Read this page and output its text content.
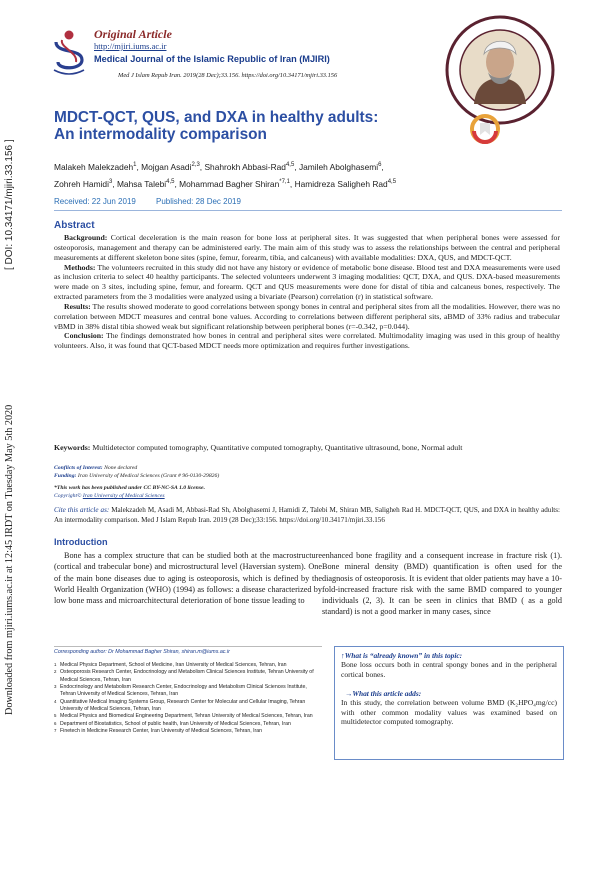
[ DOI: 10.34171/mjiri.33.156 ]
Downloaded from mjiri.iums.ac.ir at 12:45 IRDT on Tuesday May 5th 2020
Original Article
http://mjiri.iums.ac.ir
Medical Journal of the Islamic Republic of Iran (MJIRI)
Med J Islam Repub Iran. 2019(28 Dec);33.156. https://doi.org/10.34171/mjiri.33.156
MDCT-QCT, QUS, and DXA in healthy adults:
An intermodality comparison
Malakeh Malekzadeh$^1$, Mojgan Asadi$^{2,3}$, Shahrokh Abbasi-Rad$^{4,5}$, Jamileh Abolghasemi$^6$,
Zohreh Hamidi$^3$, Mahsa Talebi$^{4,5}$, Mohammad Bagher Shiran$^{*7,1}$, Hamidreza Saligheh Rad$^{4,5}$
Received: 22 Jun 2019	Published: 28 Dec 2019
Abstract

Background: Cortical deceleration is the main reason for bone loss at peripheral sites. It was suggested that when peripheral bones were assessed for osteoporosis, management and therapy can be administered early. The main aim of this study was to assess the relationships between the central and peripheral measurements at different skeleton bone sites (spine, femur, forearm, tibia, and calcaneus) with available modalities: DXA, QUS, and MDCT-QCT.

Methods: The volunteers recruited in this study did not have any history or evidence of metabolic bone disease. Blood test and DXA measurements were used as inclusion criteria to select 40 healthy participants. The selected volunteers underwent 3 imaging modalities: QCT, DXA, and QUS. DXA-based measurements were made on 3 sites, including spine, femur, and forearm. QCT and QUS measurements were done for distal of tibia and calcaneus bones, respectively. The extracted parameters from the 3 modalities were analyzed using a bivariate (Pearson) correlation (r) in statistical software.

Results: The results showed moderate to good correlations between spongy bones in central and peripheral sites from all the modalities. However, there was no correlation between MDCT measures and central bone values. According to correlations between different peripheral sits, aBMD of 33% radius and trabecular vBMD in 38% distal tibia showed weak but significant relationship between peripheral bones (r=-0.342, p=0.044).

Conclusion: The findings demonstrated how bones in central and peripheral sites were correlated. Multimodality imaging was used in this group of healthy volunteers. Also, it was found that QCT-based MDCT needs more optimization and requires further investigations.

Keywords: Multidetector computed tomography, Quantitative computed tomography, Quantitative ultrasound, bone, Normal adult
Conflicts of Interest: None declared
Funding: Iran University of Medical Sciences (Grant # 96-0130-29826)
*This work has been published under CC BY-NC-SA 1.0 license.
Copyright© Iran University of Medical Sciences
Cite this article as: Malekzadeh M, Asadi M, Abbasi-Rad Sh, Abolghasemi J, Hamidi Z, Talebi M, Shiran MB, Saligheh Rad H. MDCT-QCT, QUS, and DXA in healthy adults: An intermodality comparison. Med J Islam Repub Iran. 2019 (28 Dec);33:156. https://doi.org/10.34171/mjiri.33.156
Introduction
Bone has a complex structure that can be studied both at the macrostructure (cortical and trabecular bone) and microstructural level (Haversian system). One of the main bone diseases due to aging is osteoporosis, which is defined by the World Health Organization (WHO) (1994) as follows: a disease characterized by low bone mass and microarchitectural deterioration of bone tissue leading to
enhanced bone fragility and a consequent increase in fracture risk (1). Bone mineral density (BMD) quantification is often used for the diagnosis of osteoporosis. It is evident that older patients may have a 10-fold-increased fracture risk with the same BMD compared to younger individuals (2, 3). It can be seen in clinics that BMD ( as a gold standard) is not a good marker in many cases, since
Corresponding author: Dr Mohammad Bagher Shiran, shiran.m@iums.ac.ir
1 Medical Physics Department, School of Medicine, Iran University of Medical Sciences, Tehran, Iran
2 Osteoporosis Research Center, Endocrinology and Metabolism Clinical Sciences Institute, Tehran University of Medical Sciences, Tehran, Iran
3 Endocrinology and Metabolism Research Center, Endocrinology and Metabolism Clinical Sciences Institute, Tehran University of Medical Sciences, Tehran, Iran
4 Quantitative Medical Imaging Systems Group, Research Center for Molecular and Cellular Imaging, Tehran University of Medical Sciences, Tehran, Iran
5 Medical Physics and Biomedical Engineering Department, Tehran University of Medical Sciences, Tehran, Iran
6 Department of Biostatistics, School of public health, Iran University of Medical Sciences, Tehran, Iran
7 Finetech in Medicine Research Center, Iran University of Medical Sciences, Tehran, Iran
↑What is “already known” in this topic:
Bone loss occurs both in central spongy bones and in the peripheral cortical bones.
→What this article adds:
In this study, the correlation between volume BMD (K₂HPO₄mg/cc) with other common modality values was examined based on multidetector computed tomography.
